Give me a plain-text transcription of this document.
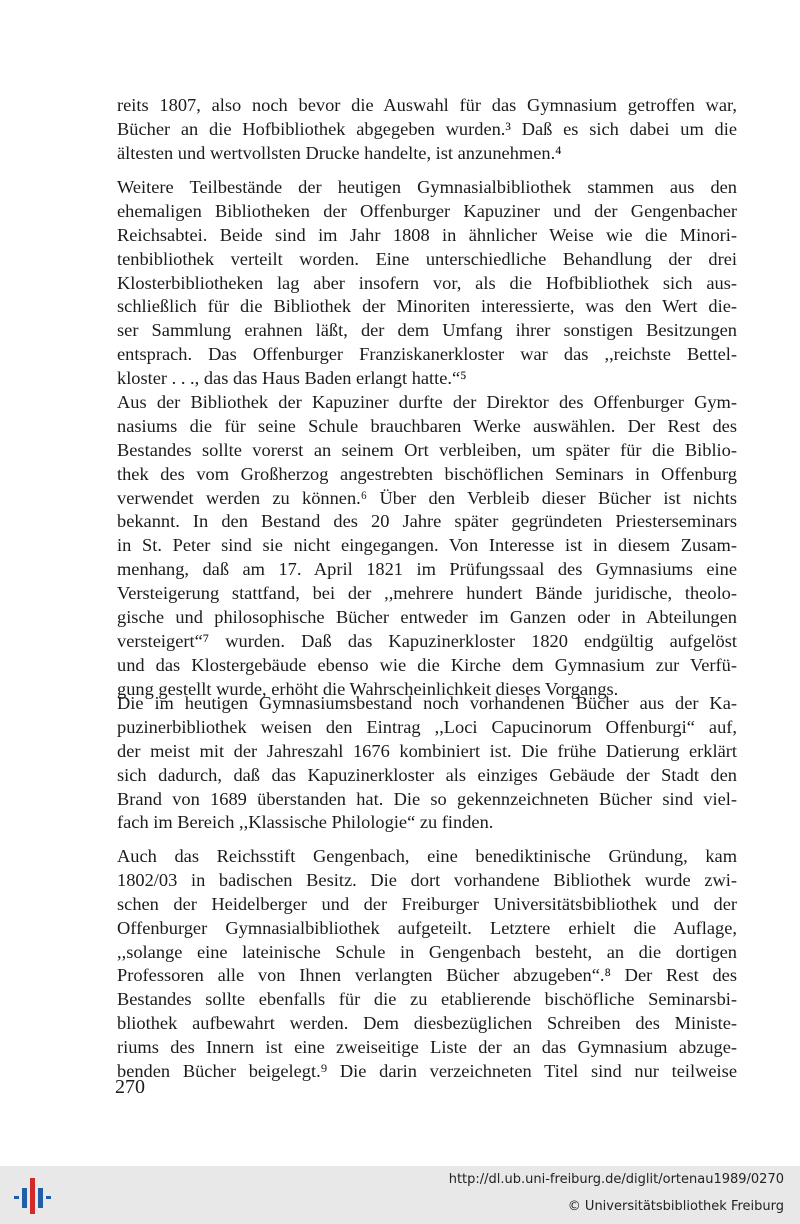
reits 1807, also noch bevor die Auswahl für das Gymnasium getroffen war,
Bücher an die Hofbibliothek abgegeben wurden.³ Daß es sich dabei um die
ältesten und wertvollsten Drucke handelte, ist anzunehmen.⁴
Weitere Teilbestände der heutigen Gymnasialbibliothek stammen aus den
ehemaligen Bibliotheken der Offenburger Kapuziner und der Gengenbacher
Reichsabtei. Beide sind im Jahr 1808 in ähnlicher Weise wie die Minori-
tenbibliothek verteilt worden. Eine unterschiedliche Behandlung der drei
Klosterbibliotheken lag aber insofern vor, als die Hofbibliothek sich aus-
schließlich für die Bibliothek der Minoriten interessierte, was den Wert die-
ser Sammlung erahnen läßt, der dem Umfang ihrer sonstigen Besitzungen
entsprach. Das Offenburger Franziskanerkloster war das ,,reichste Bettel-
kloster . . ., das das Haus Baden erlangt hatte.“⁵
Aus der Bibliothek der Kapuziner durfte der Direktor des Offenburger Gym-
nasiums die für seine Schule brauchbaren Werke auswählen. Der Rest des
Bestandes sollte vorerst an seinem Ort verbleiben, um später für die Biblio-
thek des vom Großherzog angestrebten bischöflichen Seminars in Offenburg
verwendet werden zu können.⁶ Über den Verbleib dieser Bücher ist nichts
bekannt. In den Bestand des 20 Jahre später gegründeten Priesterseminars
in St. Peter sind sie nicht eingegangen. Von Interesse ist in diesem Zusam-
menhang, daß am 17. April 1821 im Prüfungssaal des Gymnasiums eine
Versteigerung stattfand, bei der ,,mehrere hundert Bände juridische, theolo-
gische und philosophische Bücher entweder im Ganzen oder in Abteilungen
versteigert“⁷ wurden. Daß das Kapuzinerkloster 1820 endgültig aufgelöst
und das Klostergebäude ebenso wie die Kirche dem Gymnasium zur Verfü-
gung gestellt wurde, erhöht die Wahrscheinlichkeit dieses Vorgangs.
Die im heutigen Gymnasiumsbestand noch vorhandenen Bücher aus der Ka-
puzinerbibliothek weisen den Eintrag ,,Loci Capucinorum Offenburgi“ auf,
der meist mit der Jahreszahl 1676 kombiniert ist. Die frühe Datierung erklärt
sich dadurch, daß das Kapuzinerkloster als einziges Gebäude der Stadt den
Brand von 1689 überstanden hat. Die so gekennzeichneten Bücher sind viel-
fach im Bereich ,,Klassische Philologie“ zu finden.
Auch das Reichsstift Gengenbach, eine benediktinische Gründung, kam
1802/03 in badischen Besitz. Die dort vorhandene Bibliothek wurde zwi-
schen der Heidelberger und der Freiburger Universitätsbibliothek und der
Offenburger Gymnasialbibliothek aufgeteilt. Letztere erhielt die Auflage,
,,solange eine lateinische Schule in Gengenbach besteht, an die dortigen
Professoren alle von Ihnen verlangten Bücher abzugeben“.⁸ Der Rest des
Bestandes sollte ebenfalls für die zu etablierende bischöfliche Seminarsbi-
bliothek aufbewahrt werden. Dem diesbezüglichen Schreiben des Ministe-
riums des Innern ist eine zweiseitige Liste der an das Gymnasium abzuge-
benden Bücher beigelegt.⁹ Die darin verzeichneten Titel sind nur teilweise
270
http://dl.ub.uni-freiburg.de/diglit/ortenau1989/0270
© Universitätsbibliothek Freiburg
